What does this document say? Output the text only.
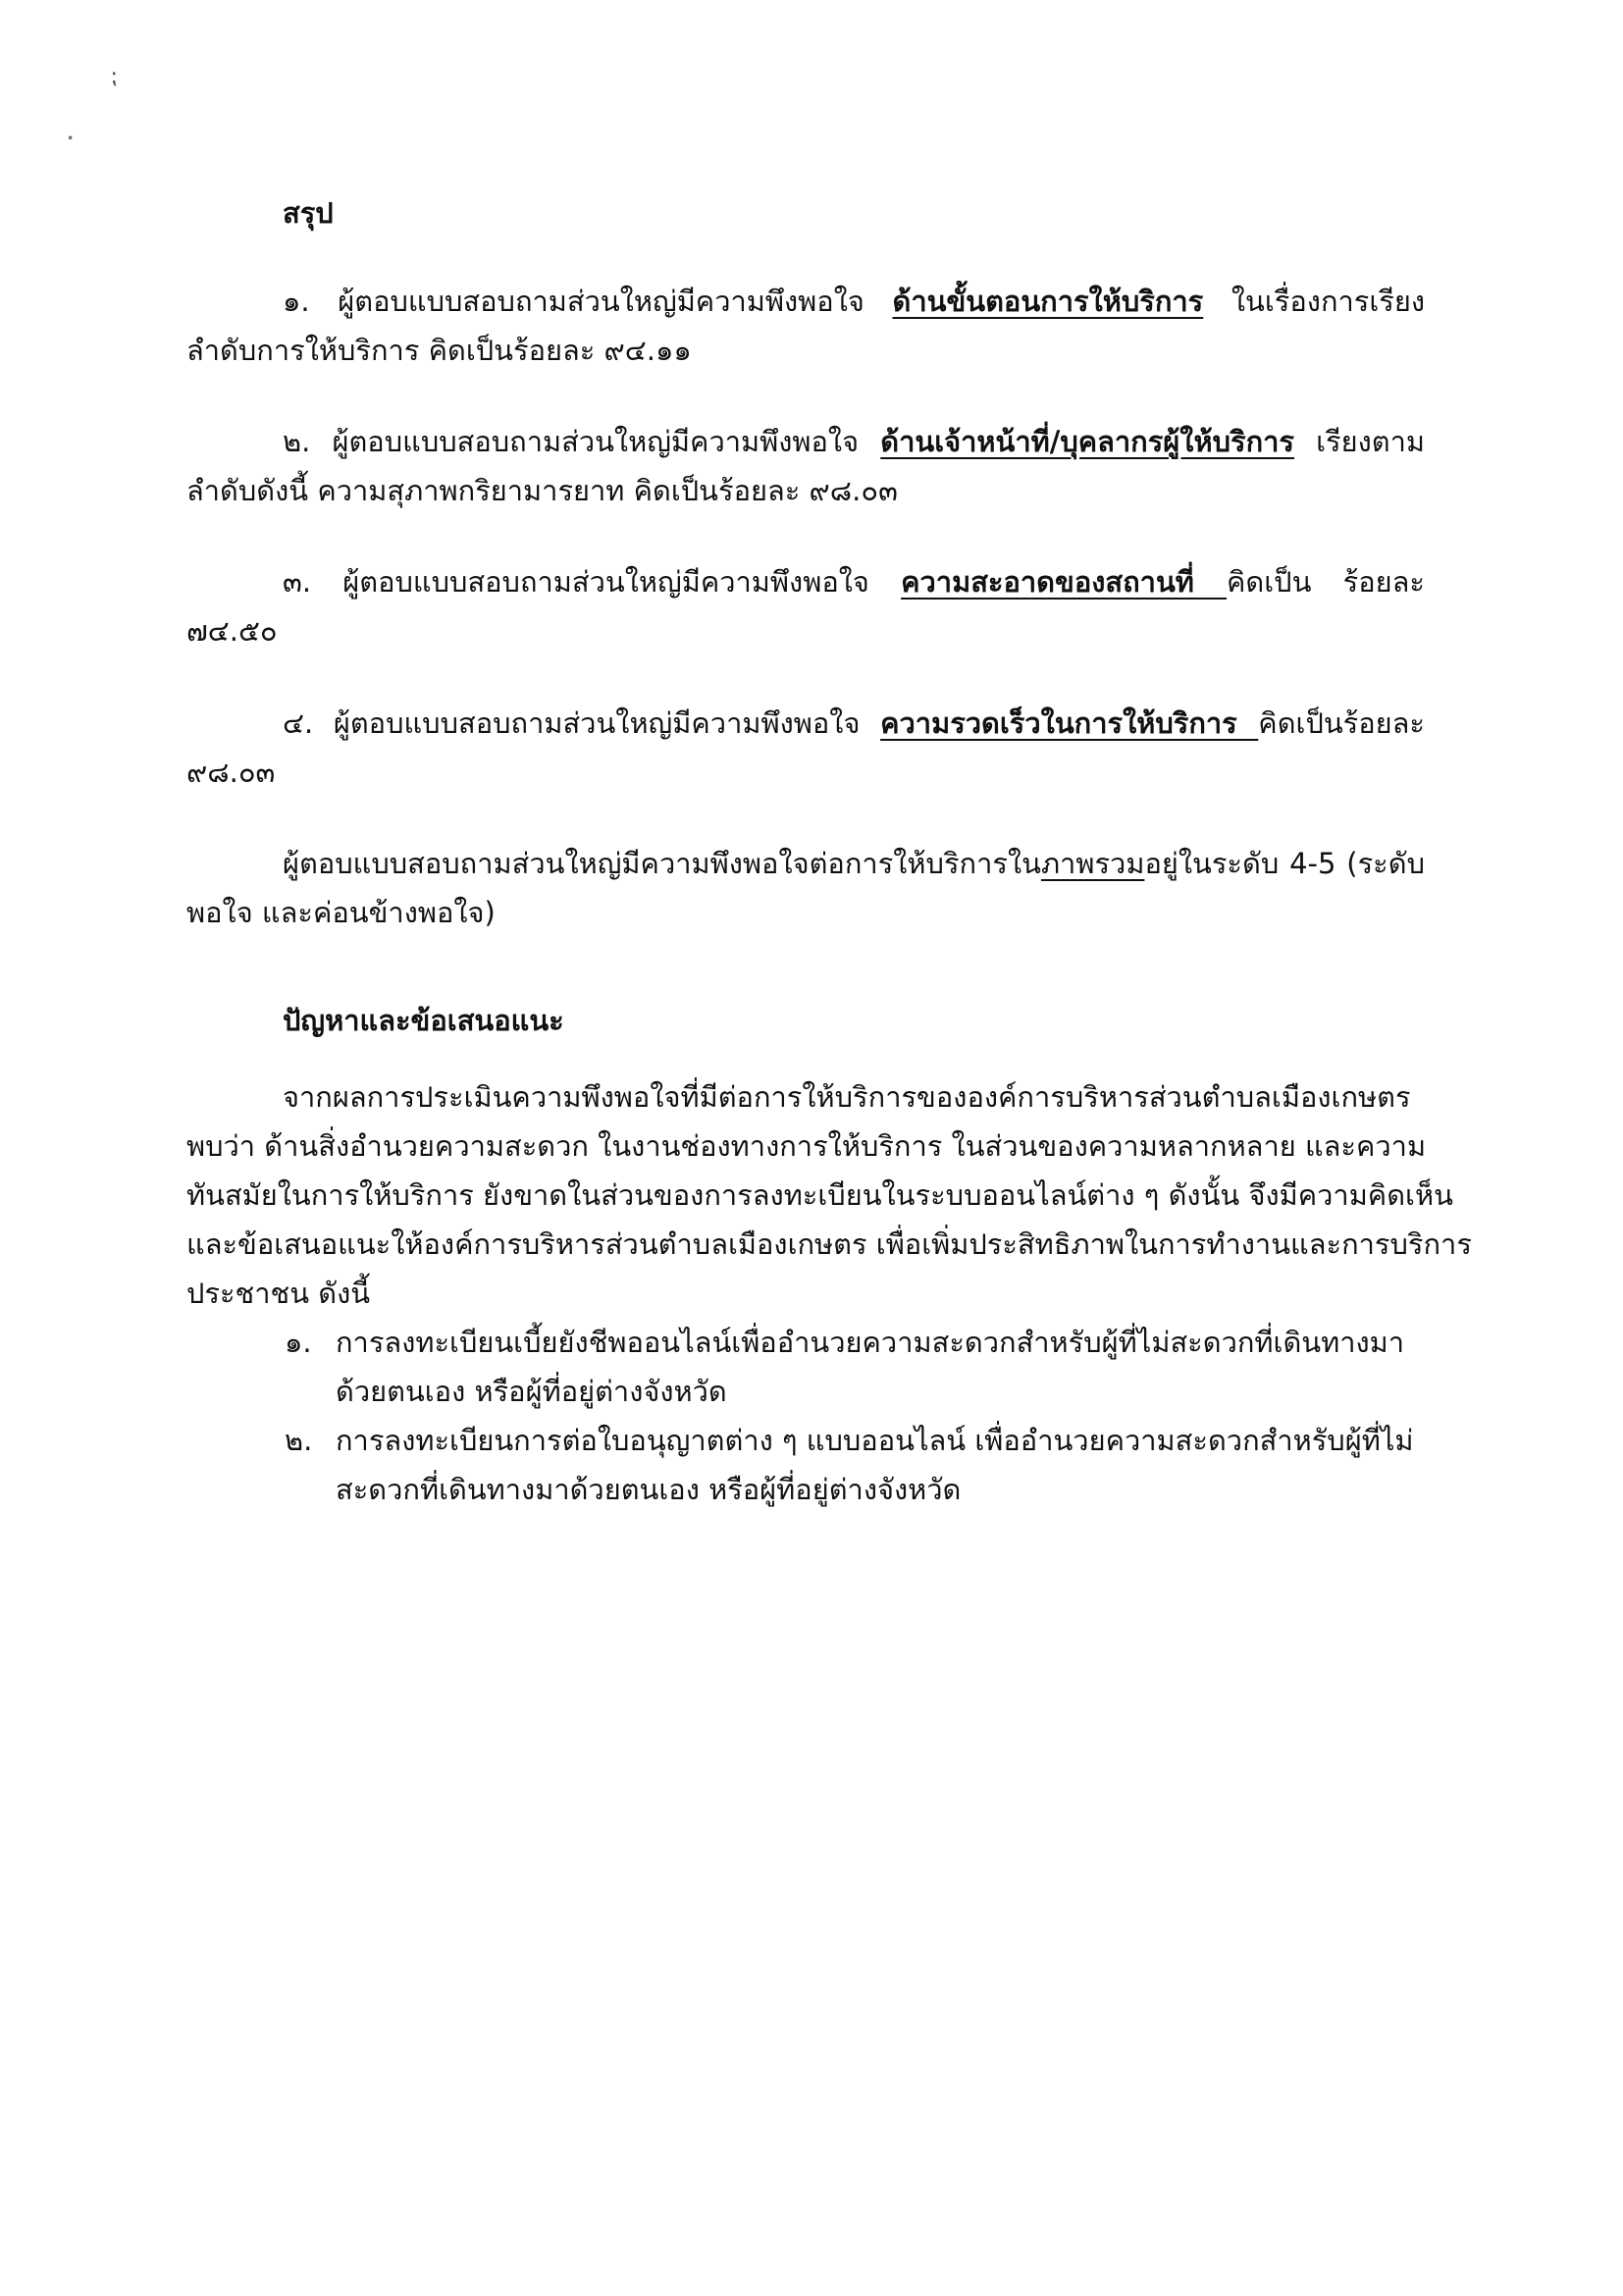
⁏
⸼
สรุป
๑. ผู้ตอบแบบสอบถามส่วนใหญ่มีความพึงพอใจ ด้านขั้นตอนการให้บริการ ในเรื่องการเรียงลำดับการให้บริการ คิดเป็นร้อยละ ๙๔.๑๑
๒. ผู้ตอบแบบสอบถามส่วนใหญ่มีความพึงพอใจ ด้านเจ้าหน้าที่/บุคลากรผู้ให้บริการ เรียงตามลำดับดังนี้ ความสุภาพกริยามารยาท คิดเป็นร้อยละ ๙๘.๐๓
๓. ผู้ตอบแบบสอบถามส่วนใหญ่มีความพึงพอใจ ความสะอาดของสถานที่ คิดเป็น ร้อยละ ๗๔.๕๐
๔. ผู้ตอบแบบสอบถามส่วนใหญ่มีความพึงพอใจ ความรวดเร็วในการให้บริการ คิดเป็นร้อยละ ๙๘.๐๓
ผู้ตอบแบบสอบถามส่วนใหญ่มีความพึงพอใจต่อการให้บริการในภาพรวมอยู่ในระดับ 4-5 (ระดับพอใจ และค่อนข้างพอใจ)
ปัญหาและข้อเสนอแนะ
จากผลการประเมินความพึงพอใจที่มีต่อการให้บริการขององค์การบริหารส่วนตำบลเมืองเกษตร
พบว่า ด้านสิ่งอำนวยความสะดวก ในงานช่องทางการให้บริการ ในส่วนของความหลากหลาย และความ
ทันสมัยในการให้บริการ ยังขาดในส่วนของการลงทะเบียนในระบบออนไลน์ต่าง ๆ ดังนั้น จึงมีความคิดเห็น
และข้อเสนอแนะให้องค์การบริหารส่วนตำบลเมืองเกษตร เพื่อเพิ่มประสิทธิภาพในการทำงานและการบริการ
ประชาชน ดังนี้
๑. การลงทะเบียนเบี้ยยังชีพออนไลน์เพื่ออำนวยความสะดวกสำหรับผู้ที่ไม่สะดวกที่เดินทางมาด้วยตนเอง หรือผู้ที่อยู่ต่างจังหวัด
๒. การลงทะเบียนการต่อใบอนุญาตต่าง ๆ แบบออนไลน์ เพื่ออำนวยความสะดวกสำหรับผู้ที่ไม่สะดวกที่เดินทางมาด้วยตนเอง หรือผู้ที่อยู่ต่างจังหวัด
